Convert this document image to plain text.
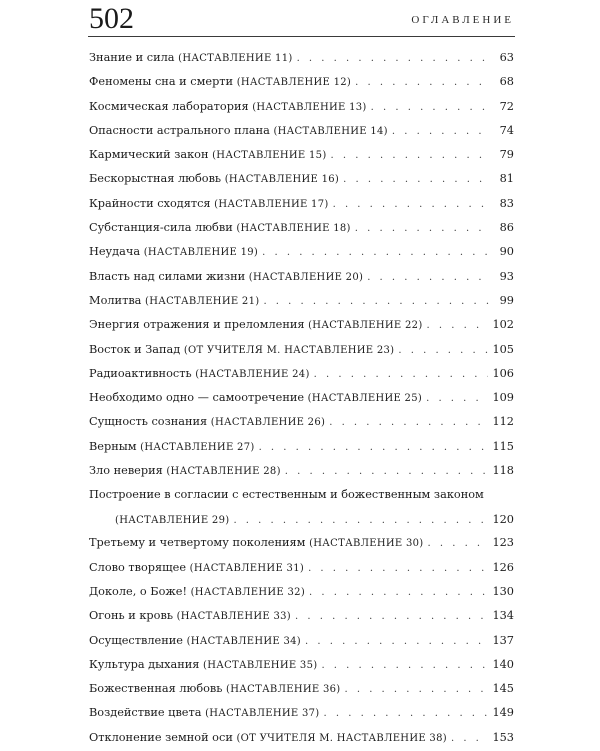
502	ОГЛАВЛЕНИЕ
Знание и сила (НАСТАВЛЕНИЕ 11) . . .	63
Феномены сна и смерти (НАСТАВЛЕНИЕ 12) . . .	68
Космическая лаборатория (НАСТАВЛЕНИЕ 13) . . .	72
Опасности астрального плана (НАСТАВЛЕНИЕ 14) . . .	74
Кармический закон (НАСТАВЛЕНИЕ 15) . . .	79
Бескорыстная любовь (НАСТАВЛЕНИЕ 16) . . .	81
Крайности сходятся (НАСТАВЛЕНИЕ 17) . . .	83
Субстанция-сила любви (НАСТАВЛЕНИЕ 18) . . .	86
Неудача (НАСТАВЛЕНИЕ 19) . . .	90
Власть над силами жизни (НАСТАВЛЕНИЕ 20) . . .	93
Молитва (НАСТАВЛЕНИЕ 21) . . .	99
Энергия отражения и преломления (НАСТАВЛЕНИЕ 22) . . .	102
Восток и Запад (ОТ УЧИТЕЛЯ М. НАСТАВЛЕНИЕ 23) . . .	105
Радиоактивность (НАСТАВЛЕНИЕ 24) . . .	106
Необходимо одно — самоотречение (НАСТАВЛЕНИЕ 25) . . .	109
Сущность сознания (НАСТАВЛЕНИЕ 26) . . .	112
Верным (НАСТАВЛЕНИЕ 27) . . .	115
Зло неверия (НАСТАВЛЕНИЕ 28) . . .	118
Построение в согласии с естественным и божественным законом
(НАСТАВЛЕНИЕ 29) . . .	120
Третьему и четвертому поколениям (НАСТАВЛЕНИЕ 30) . . .	123
Слово творящее (НАСТАВЛЕНИЕ 31) . . .	126
Доколе, о Боже! (НАСТАВЛЕНИЕ 32) . . .	130
Огонь и кровь (НАСТАВЛЕНИЕ 33) . . .	134
Осуществление (НАСТАВЛЕНИЕ 34) . . .	137
Культура дыхания (НАСТАВЛЕНИЕ 35) . . .	140
Божественная любовь (НАСТАВЛЕНИЕ 36) . . .	145
Воздействие цвета (НАСТАВЛЕНИЕ 37) . . .	149
Отклонение земной оси (ОТ УЧИТЕЛЯ М. НАСТАВЛЕНИЕ 38) . . .	153
